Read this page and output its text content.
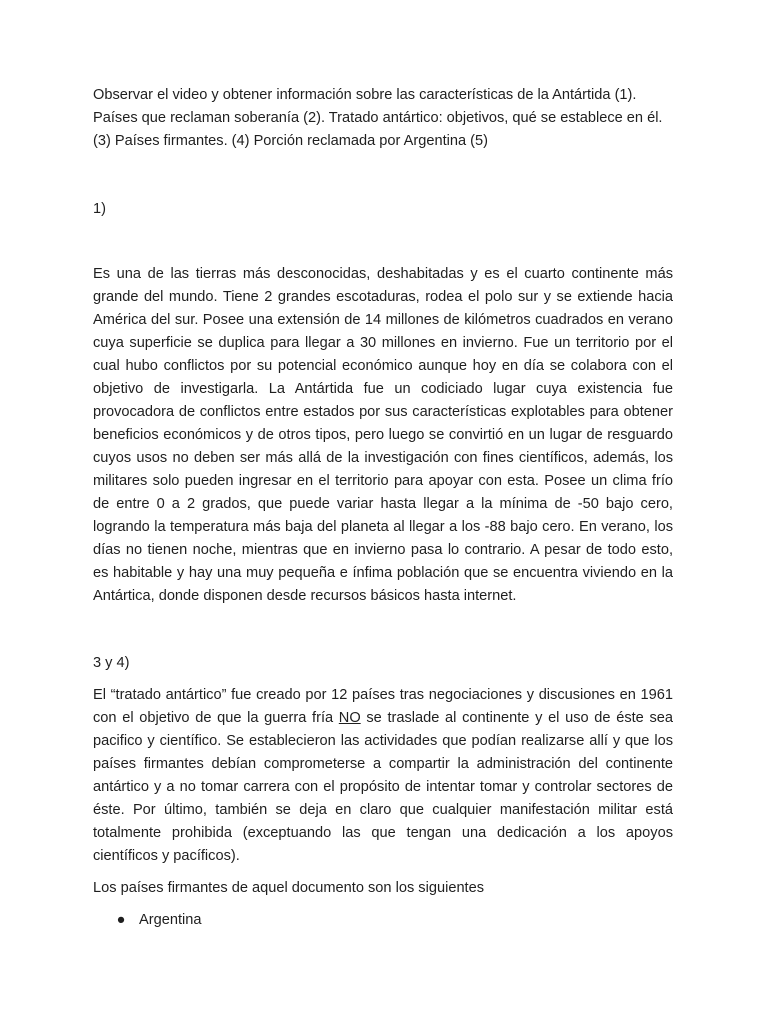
Observar el video y obtener información sobre las características de la Antártida (1). Países que reclaman soberanía (2). Tratado antártico: objetivos, qué se establece en él.(3) Países firmantes. (4) Porción reclamada por Argentina (5)

1)

Es una de las tierras más desconocidas, deshabitadas y es el cuarto continente más grande del mundo. Tiene 2 grandes escotaduras, rodea el polo sur y se extiende hacia América del sur. Posee una extensión de 14 millones de kilómetros cuadrados en verano cuya superficie se duplica para llegar a 30 millones en invierno. Fue un territorio por el cual hubo conflictos por su potencial económico aunque hoy en día se colabora con el objetivo de investigarla. La Antártida fue un codiciado lugar cuya existencia fue provocadora de conflictos entre estados por sus características explotables para obtener beneficios económicos y de otros tipos, pero luego se convirtió en un lugar de resguardo cuyos usos no deben ser más allá de la investigación con fines científicos, además, los militares solo pueden ingresar en el territorio para apoyar con esta. Posee un clima frío de entre 0 a 2 grados, que puede variar hasta llegar a la mínima de -50 bajo cero, logrando la temperatura más baja del planeta al llegar a los -88 bajo cero. En verano, los días no tienen noche, mientras que en invierno pasa lo contrario. A pesar de todo esto, es habitable y hay una muy pequeña e ínfima población que se encuentra viviendo en la Antártica, donde disponen desde recursos básicos hasta internet.

3 y 4)

El “tratado antártico” fue creado por 12 países tras negociaciones y discusiones en 1961 con el objetivo de que la guerra fría NO se traslade al continente y el uso de éste sea pacifico y científico. Se establecieron las actividades que podían realizarse allí y que los países firmantes debían comprometerse a compartir la administración del continente antártico y a no tomar carrera con el propósito de intentar tomar y controlar sectores de éste. Por último, también se deja en claro que cualquier manifestación militar está totalmente prohibida (exceptuando las que tengan una dedicación a los apoyos científicos y pacíficos).

Los países firmantes de aquel documento son los siguientes

● Argentina
